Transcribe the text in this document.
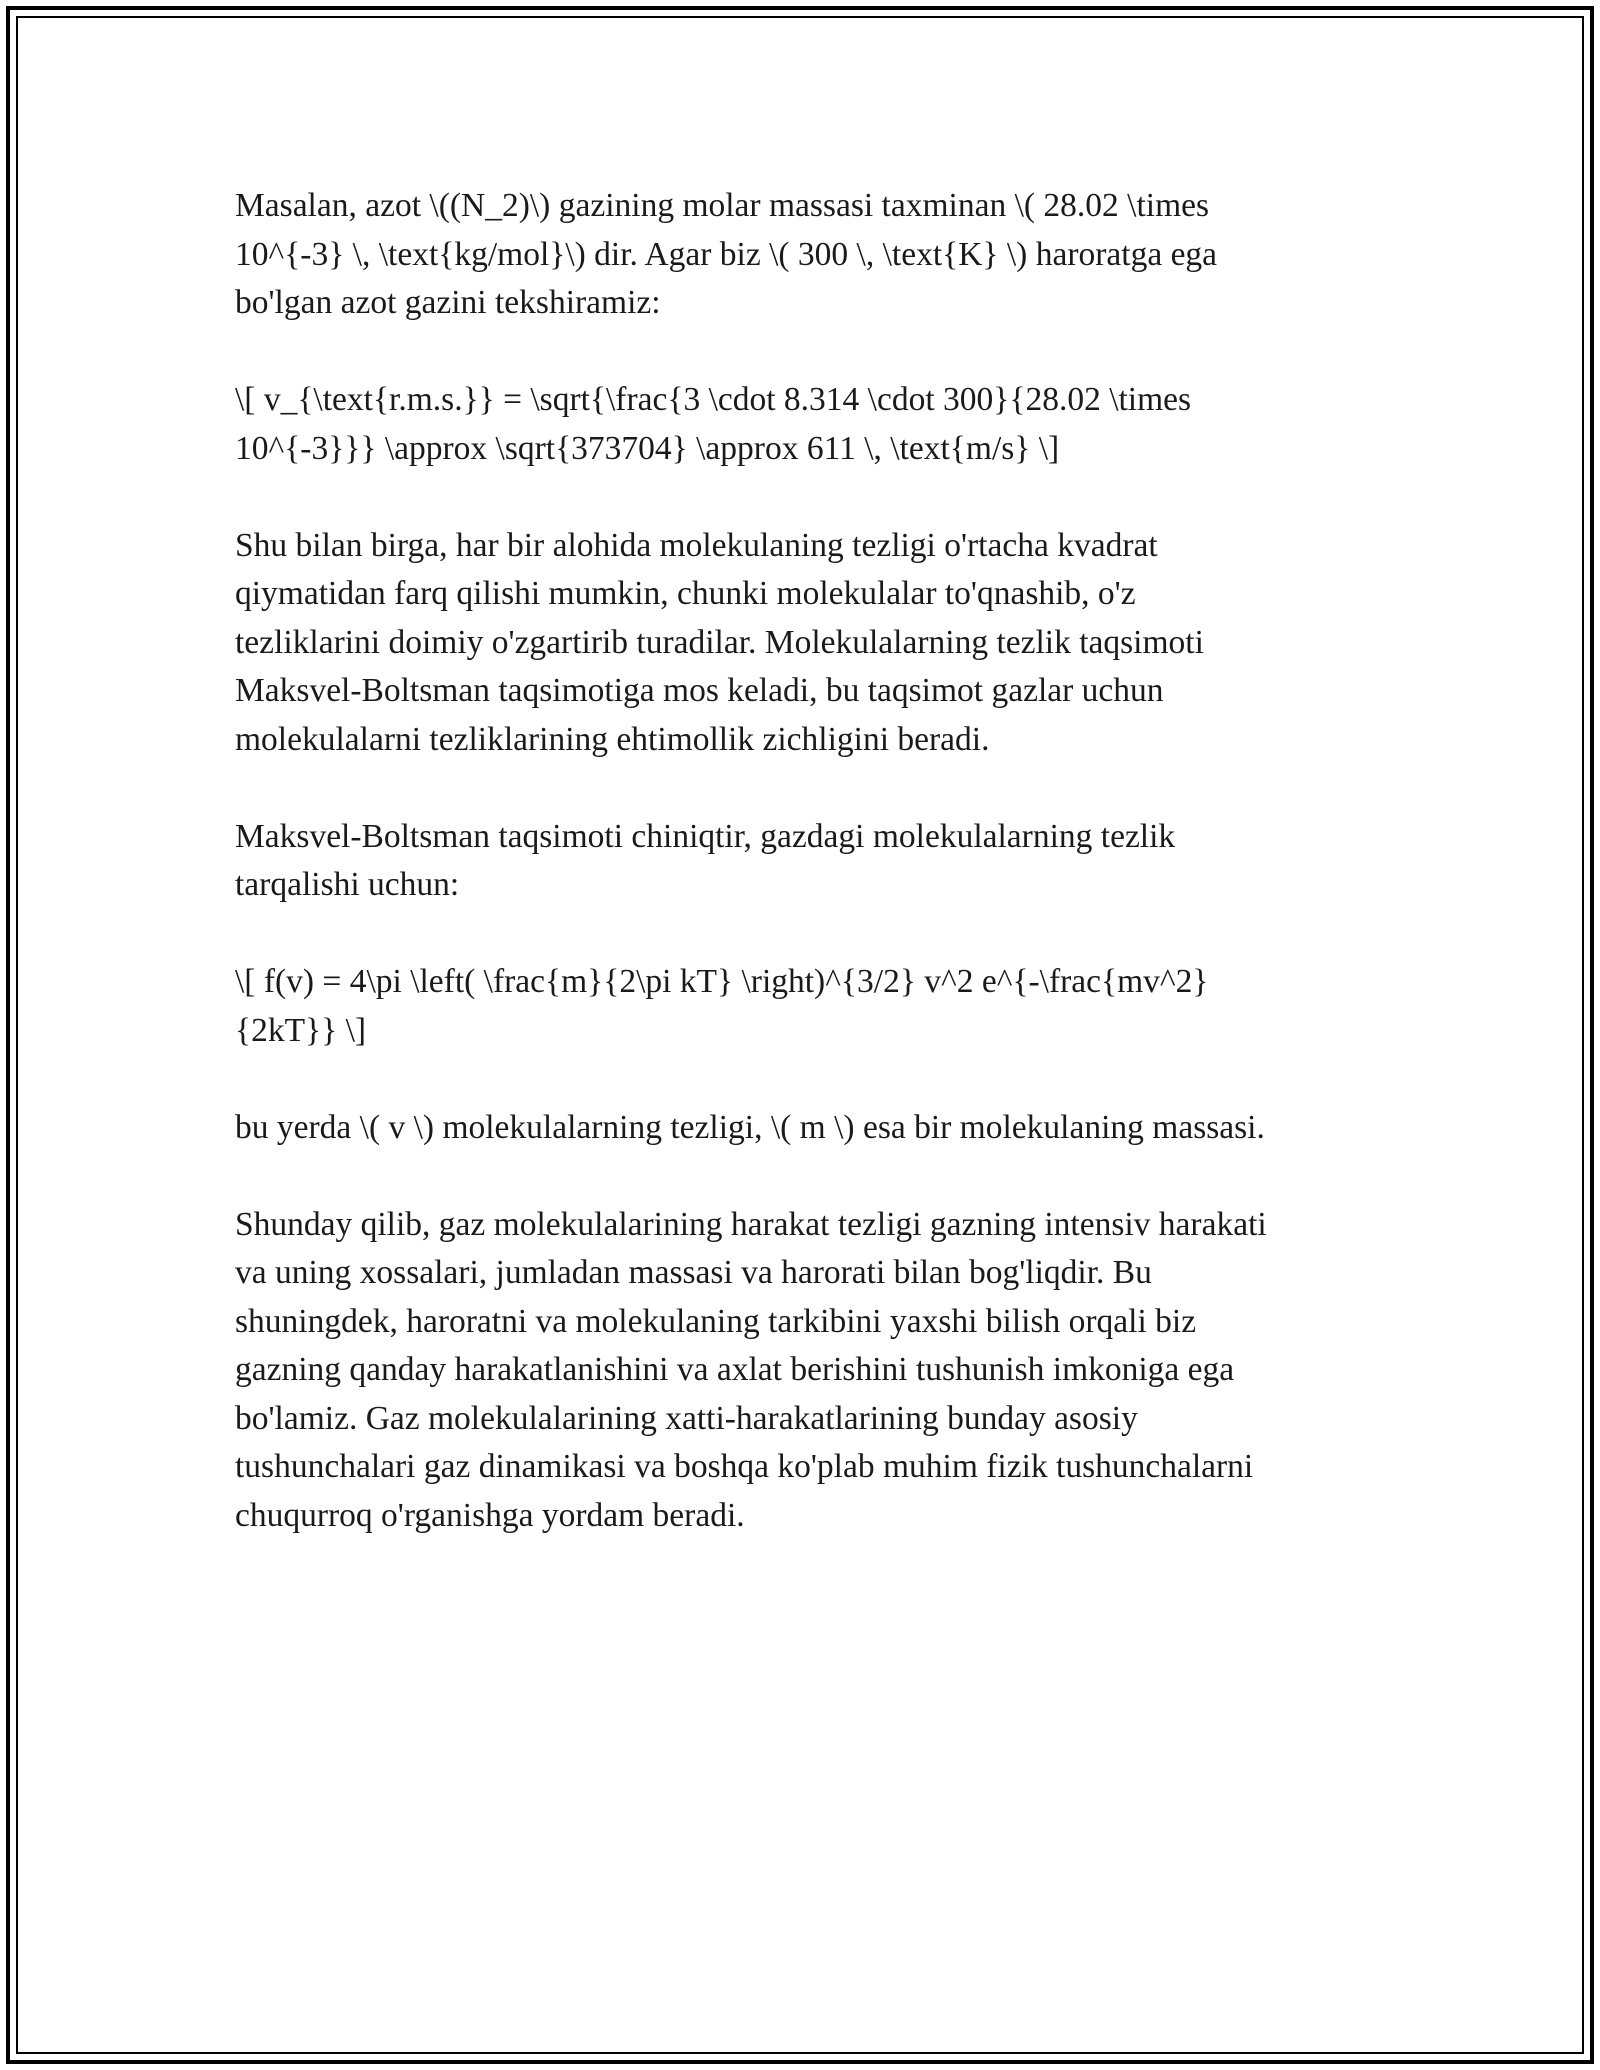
Masalan, azot \((N_2)\) gazining molar massasi taxminan \( 28.02 \times
10^{-3} \, \text{kg/mol}\) dir. Agar biz \( 300 \, \text{K} \) haroratga ega
bo'lgan azot gazini tekshiramiz:

\[ v_{\text{r.m.s.}} = \sqrt{\frac{3 \cdot 8.314 \cdot 300}{28.02 \times
10^{-3}}} \approx \sqrt{373704} \approx 611 \, \text{m/s} \]

Shu bilan birga, har bir alohida molekulaning tezligi o'rtacha kvadrat
qiymatidan farq qilishi mumkin, chunki molekulalar to'qnashib, o'z
tezliklarini doimiy o'zgartirib turadilar. Molekulalarning tezlik taqsimoti
Maksvel-Boltsman taqsimotiga mos keladi, bu taqsimot gazlar uchun
molekulalarni tezliklarining ehtimollik zichligini beradi.

Maksvel-Boltsman taqsimoti chiniqtir, gazdagi molekulalarning tezlik
tarqalishi uchun:

\[ f(v) = 4\pi \left( \frac{m}{2\pi kT} \right)^{3/2} v^2 e^{-\frac{mv^2}
{2kT}} \]

bu yerda \( v \) molekulalarning tezligi, \( m \) esa bir molekulaning massasi.

Shunday qilib, gaz molekulalarining harakat tezligi gazning intensiv harakati
va uning xossalari, jumladan massasi va harorati bilan bog'liqdir. Bu
shuningdek, haroratni va molekulaning tarkibini yaxshi bilish orqali biz
gazning qanday harakatlanishini va axlat berishini tushunish imkoniga ega
bo'lamiz. Gaz molekulalarining xatti-harakatlarining bunday asosiy
tushunchalari gaz dinamikasi va boshqa ko'plab muhim fizik tushunchalarni
chuqurroq o'rganishga yordam beradi.
